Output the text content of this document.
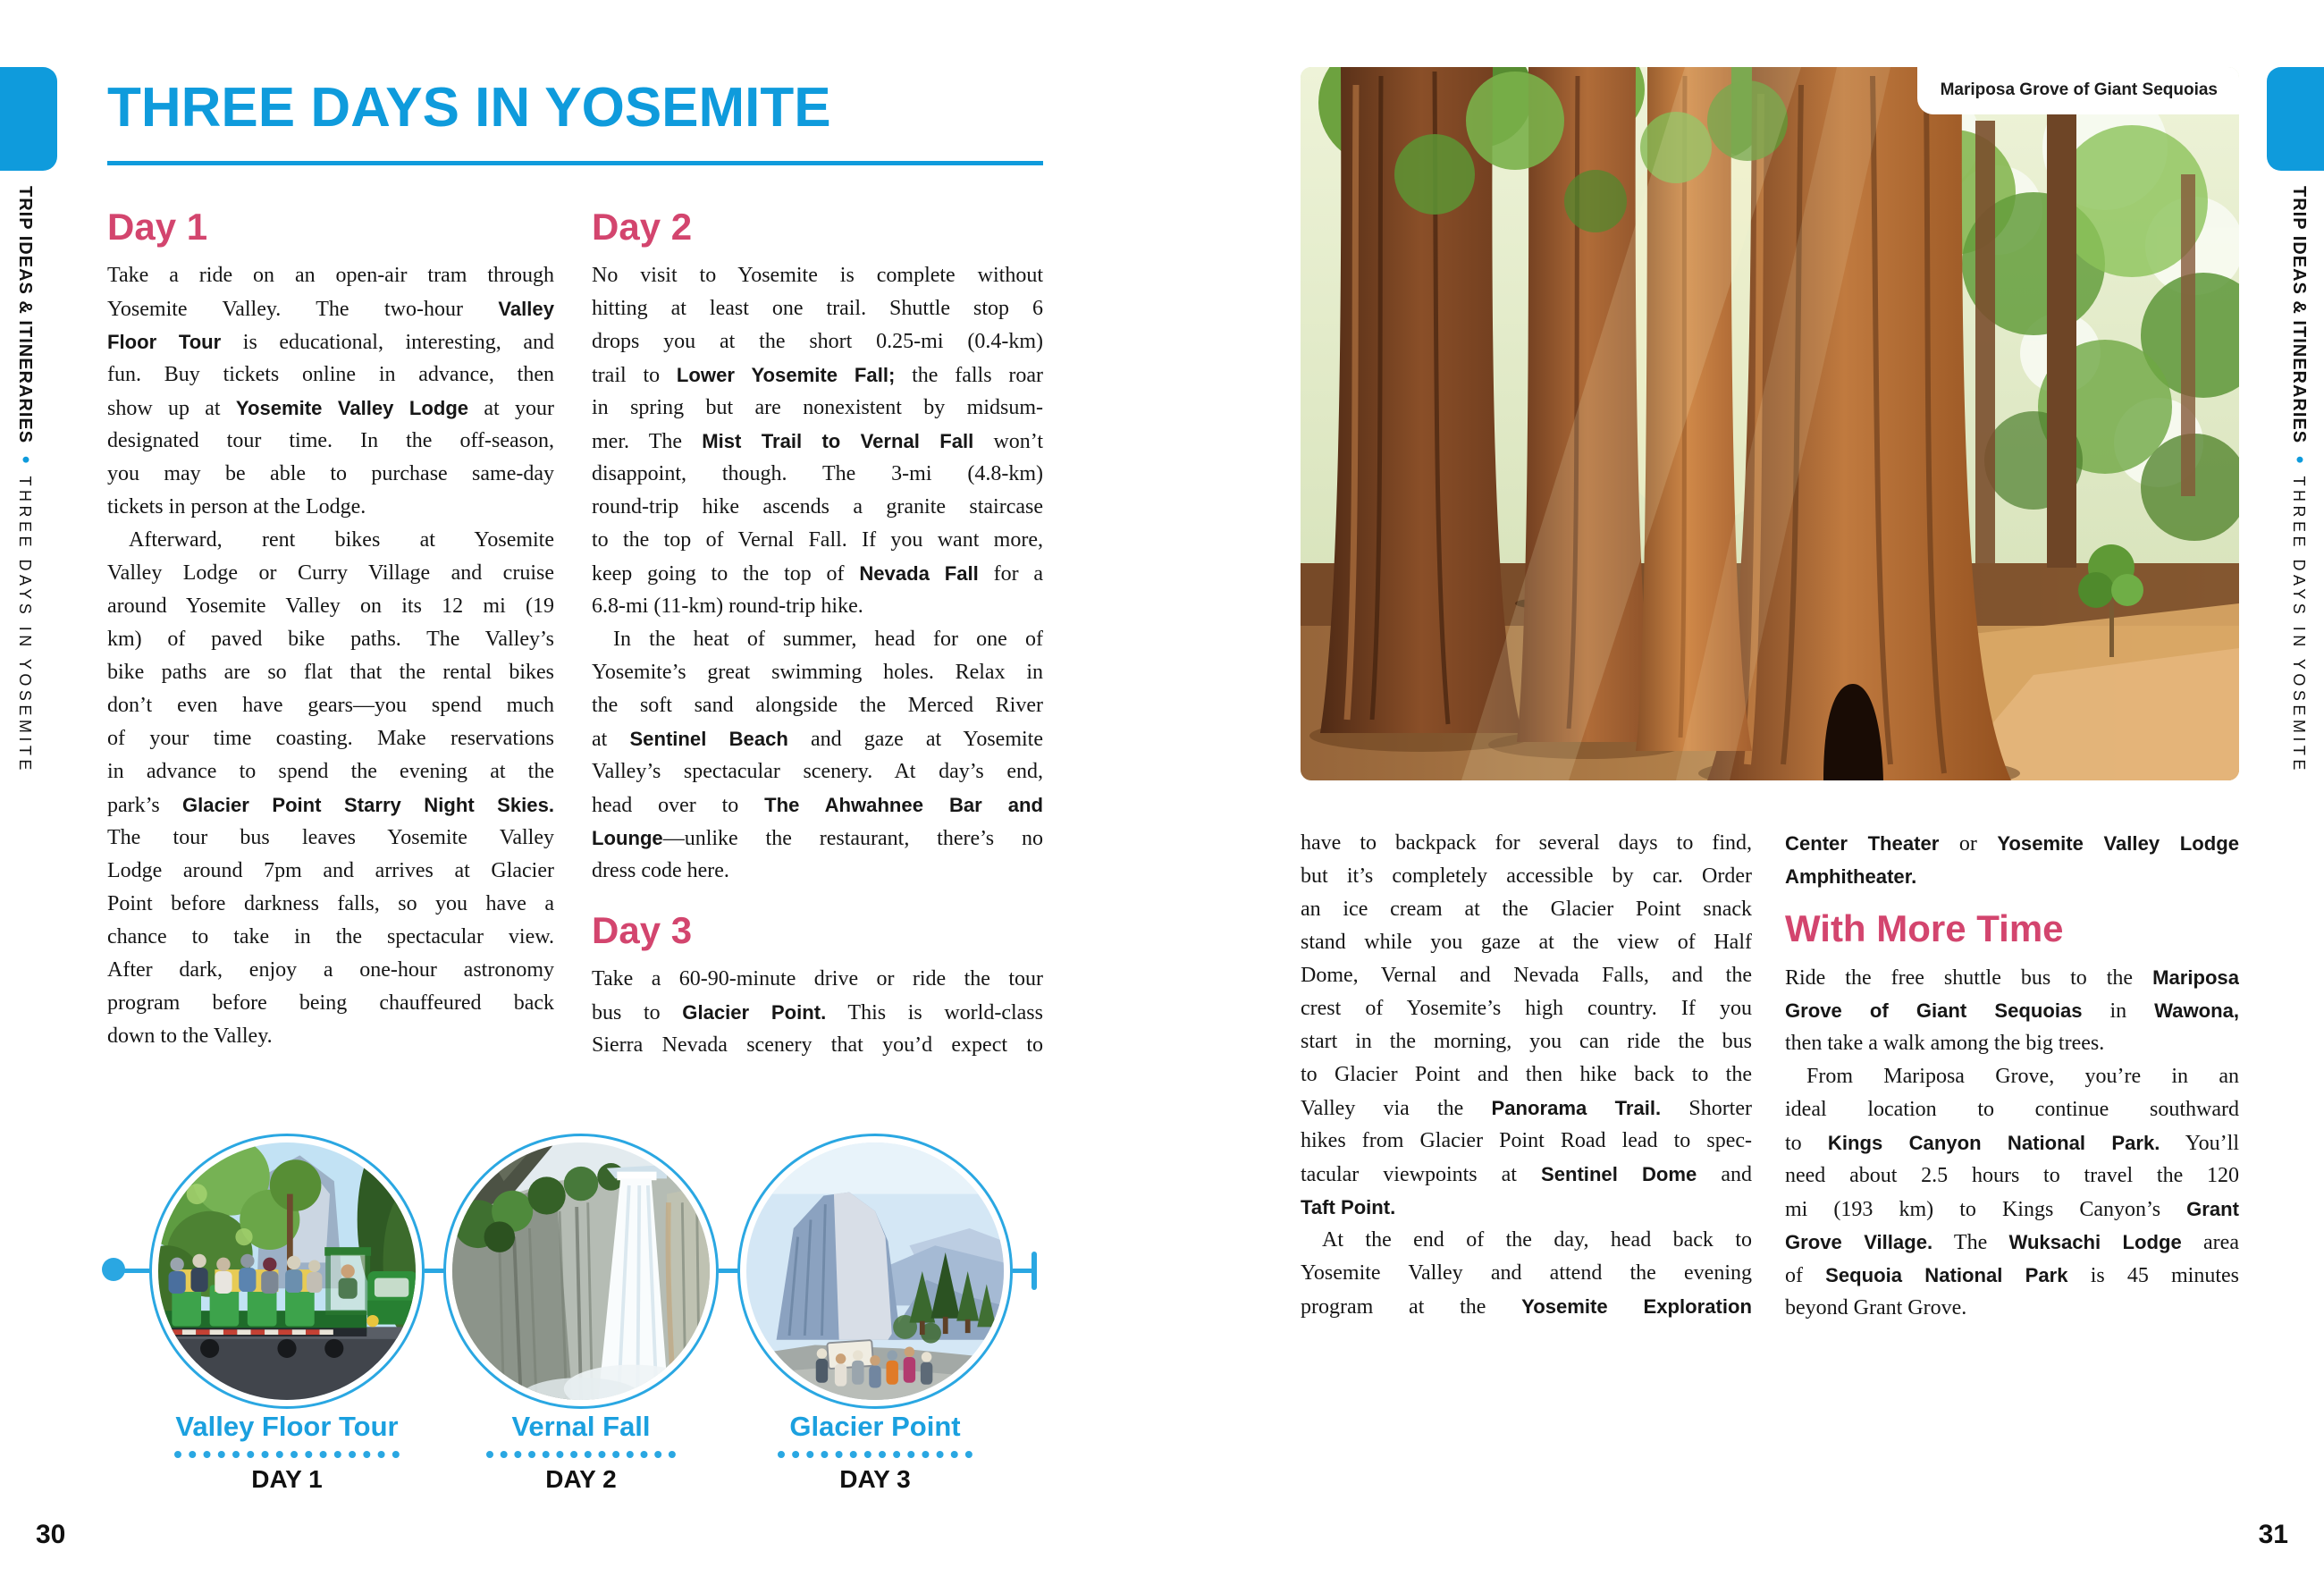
TRIP IDEAS & ITINERARIES•THREE DAYS IN YOSEMITE
THREE DAYS IN YOSEMITE
Day 1
Take a ride on an open-air tram through
Yosemite Valley. The two-hour Valley
Floor Tour is educational, interesting, and
fun. Buy tickets online in advance, then
show up at Yosemite Valley Lodge at your
designated tour time. In the off-season,
you may be able to purchase same-day
tickets in person at the Lodge.
 Afterward, rent bikes at Yosemite
Valley Lodge or Curry Village and cruise
around Yosemite Valley on its 12 mi (19
km) of paved bike paths. The Valley’s
bike paths are so flat that the rental bikes
don’t even have gears—you spend much
of your time coasting. Make reservations
in advance to spend the evening at the
park’s Glacier Point Starry Night Skies.
The tour bus leaves Yosemite Valley
Lodge around 7pm and arrives at Glacier
Point before darkness falls, so you have a
chance to take in the spectacular view.
After dark, enjoy a one-hour astronomy
program before being chauffeured back
down to the Valley.
Day 2
No visit to Yosemite is complete without
hitting at least one trail. Shuttle stop 6
drops you at the short 0.25-mi (0.4-km)
trail to Lower Yosemite Fall; the falls roar
in spring but are nonexistent by midsum-
mer. The Mist Trail to Vernal Fall won’t
disappoint, though. The 3-mi (4.8-km)
round-trip hike ascends a granite staircase
to the top of Vernal Fall. If you want more,
keep going to the top of Nevada Fall for a
6.8-mi (11-km) round-trip hike.
 In the heat of summer, head for one of
Yosemite’s great swimming holes. Relax in
the soft sand alongside the Merced River
at Sentinel Beach and gaze at Yosemite
Valley’s spectacular scenery. At day’s end,
head over to The Ahwahnee Bar and
Lounge—unlike the restaurant, there’s no
dress code here.
Day 3
Take a 60-90-minute drive or ride the tour
bus to Glacier Point. This is world-class
Sierra Nevada scenery that you’d expect to
Valley Floor Tour
DAY 1
Vernal Fall
DAY 2
Glacier Point
DAY 3
30
Mariposa Grove of Giant Sequoias
have to backpack for several days to find,
but it’s completely accessible by car. Order
an ice cream at the Glacier Point snack
stand while you gaze at the view of Half
Dome, Vernal and Nevada Falls, and the
crest of Yosemite’s high country. If you
start in the morning, you can ride the bus
to Glacier Point and then hike back to the
Valley via the Panorama Trail. Shorter
hikes from Glacier Point Road lead to spec-
tacular viewpoints at Sentinel Dome and
Taft Point.
 At the end of the day, head back to
Yosemite Valley and attend the evening
program at the Yosemite Exploration
Center Theater or Yosemite Valley Lodge
Amphitheater.
With More Time
Ride the free shuttle bus to the Mariposa
Grove of Giant Sequoias in Wawona,
then take a walk among the big trees.
 From Mariposa Grove, you’re in an
ideal location to continue southward
to Kings Canyon National Park. You’ll
need about 2.5 hours to travel the 120
mi (193 km) to Kings Canyon’s Grant
Grove Village. The Wuksachi Lodge area
of Sequoia National Park is 45 minutes
beyond Grant Grove.
TRIP IDEAS & ITINERARIES•THREE DAYS IN YOSEMITE
31
